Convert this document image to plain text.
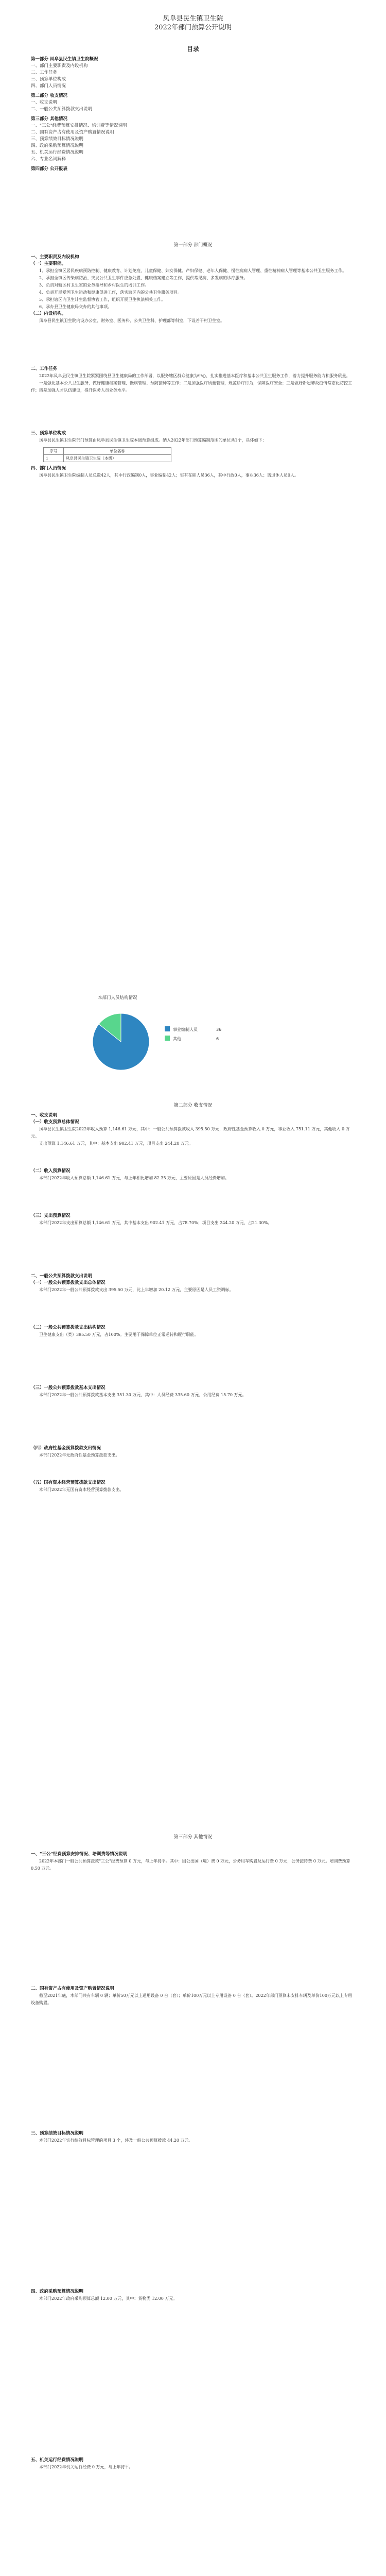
凤阜县民生镇卫生院
2022年部门预算公开说明
目录
第一部分 凤阜县民生镇卫生院概况
一、部门主要职责及内设机构
二、工作任务
三、预算单位构成
四、部门人员情况
第二部分 收支情况
一、收支说明
二、一般公共预算拨款支出说明
第三部分 其他情况
一、"三公"经费预算安排情况、培训费等情况说明
二、国有资产占有使用及资产购置情况说明
三、预算绩效目标情况说明
四、政府采购预算情况说明
五、机关运行经费情况说明
六、专业名词解释
第四部分 公开报表
第一部分 部门概况
一、主要职责及内设机构
（一）主要职能。

1、承担全镇区居民疾病预防控制、健康教育、计划免疫、儿童保健、妇女保健、产妇保健、老年人保健、慢性病病人管理、重性精神病人管理等基本公共卫生服务工作。

2、承担全镇区传染病防治、突发公共卫生事件应急处置、健康档案建立等工作，提供常见病、多发病的诊疗服务。

3、负责对辖区村卫生室的业务指导和乡村医生的培训工作。

4、负责开展爱国卫生运动和健康促进工作，落实辖区内的公共卫生服务项目。

5、承担辖区内卫生计生监督协管工作，组织开展卫生执法相关工作。

6、承办县卫生健康局交办的其他事项。

（二）内设机构。

凤阜县民生镇卫生院内设办公室、财务室、医务科、公共卫生科、护理部等科室，下设若干村卫生室。

二、工作任务

2022年凤阜县民生镇卫生院紧紧围绕县卫生健康局的工作部署，以服务辖区群众健康为中心，扎实推进基本医疗和基本公共卫生服务工作，着力提升服务能力和服务质量。

一是强化基本公共卫生服务，做好健康档案管理、慢病管理、预防接种等工作；二是加强医疗质量管理，规范诊疗行为，保障医疗安全；三是做好新冠肺炎疫情常态化防控工作；四是加强人才队伍建设，提升医务人员业务水平。

三、预算单位构成

凤阜县民生镇卫生院部门预算由凤阜县民生镇卫生院本级预算组成。纳入2022年部门预算编制范围的单位共1个，具体如下：

序号	单位名称
1	凤阜县民生镇卫生院（本级）
四、部门人员情况

凤阜县民生镇卫生院编制人员总数42人，其中行政编制0人，事业编制42人；实有在职人员36人，其中行政0人，事业36人；离退休人员0人。

本部门人员结构情况
事业编制人员	36
其他	6
第二部分 收支情况
一、收支说明
（一）收支预算总体情况

凤阜县民生镇卫生院2022年收入预算 1,146.61 万元，其中：一般公共预算拨款收入 395.50 万元，政府性基金预算收入 0 万元，事业收入 751.11 万元，其他收入 0 万元。

支出预算 1,146.61 万元，其中：基本支出 902.41 万元，项目支出 244.20 万元。

（二）收入预算情况

本部门2022年收入预算总额 1,146.61 万元，与上年相比增加 82.35 万元，主要原因是人员经费增加。

（三）支出预算情况

本部门2022年支出预算总额 1,146.61 万元，其中基本支出 902.41 万元，占78.70%；项目支出 244.20 万元，占21.30%。

二、一般公共预算拨款支出说明
（一）一般公共预算拨款支出总体情况

本部门2022年一般公共预算拨款支出 395.50 万元，比上年增加 20.12 万元，主要原因是人员工资调标。

（二）一般公共预算拨款支出结构情况

卫生健康支出（类）395.50 万元，占100%。主要用于保障单位正常运转和履行职能。

（三）一般公共预算拨款基本支出情况

本部门2022年一般公共预算拨款基本支出 351.30 万元，其中：人员经费 335.60 万元，公用经费 15.70 万元。

（四）政府性基金预算拨款支出情况

本部门2022年无政府性基金预算拨款支出。

（五）国有资本经营预算拨款支出情况

本部门2022年无国有资本经营预算拨款支出。

第三部分 其他情况
一、"三公"经费预算安排情况、培训费等情况说明

2022年本部门一般公共预算拨款"三公"经费预算 0 万元，与上年持平。其中：因公出国（境）费 0 万元，公务用车购置及运行费 0 万元，公务接待费 0 万元。培训费预算 0.50 万元。

二、国有资产占有使用及资产购置情况说明

截至2021年底，本部门共有车辆 0 辆；单价50万元以上通用设备 0 台（套）；单价100万元以上专用设备 0 台（套）。2022年部门预算未安排车辆及单价100万元以上专用设备购置。

三、预算绩效目标情况说明

本部门2022年实行绩效目标管理的项目 3 个，涉及一般公共预算拨款 44.20 万元。

四、政府采购预算情况说明

本部门2022年政府采购预算总额 12.00 万元，其中：货物类 12.00 万元。

五、机关运行经费情况说明

本部门2022年机关运行经费 0 万元，与上年持平。
